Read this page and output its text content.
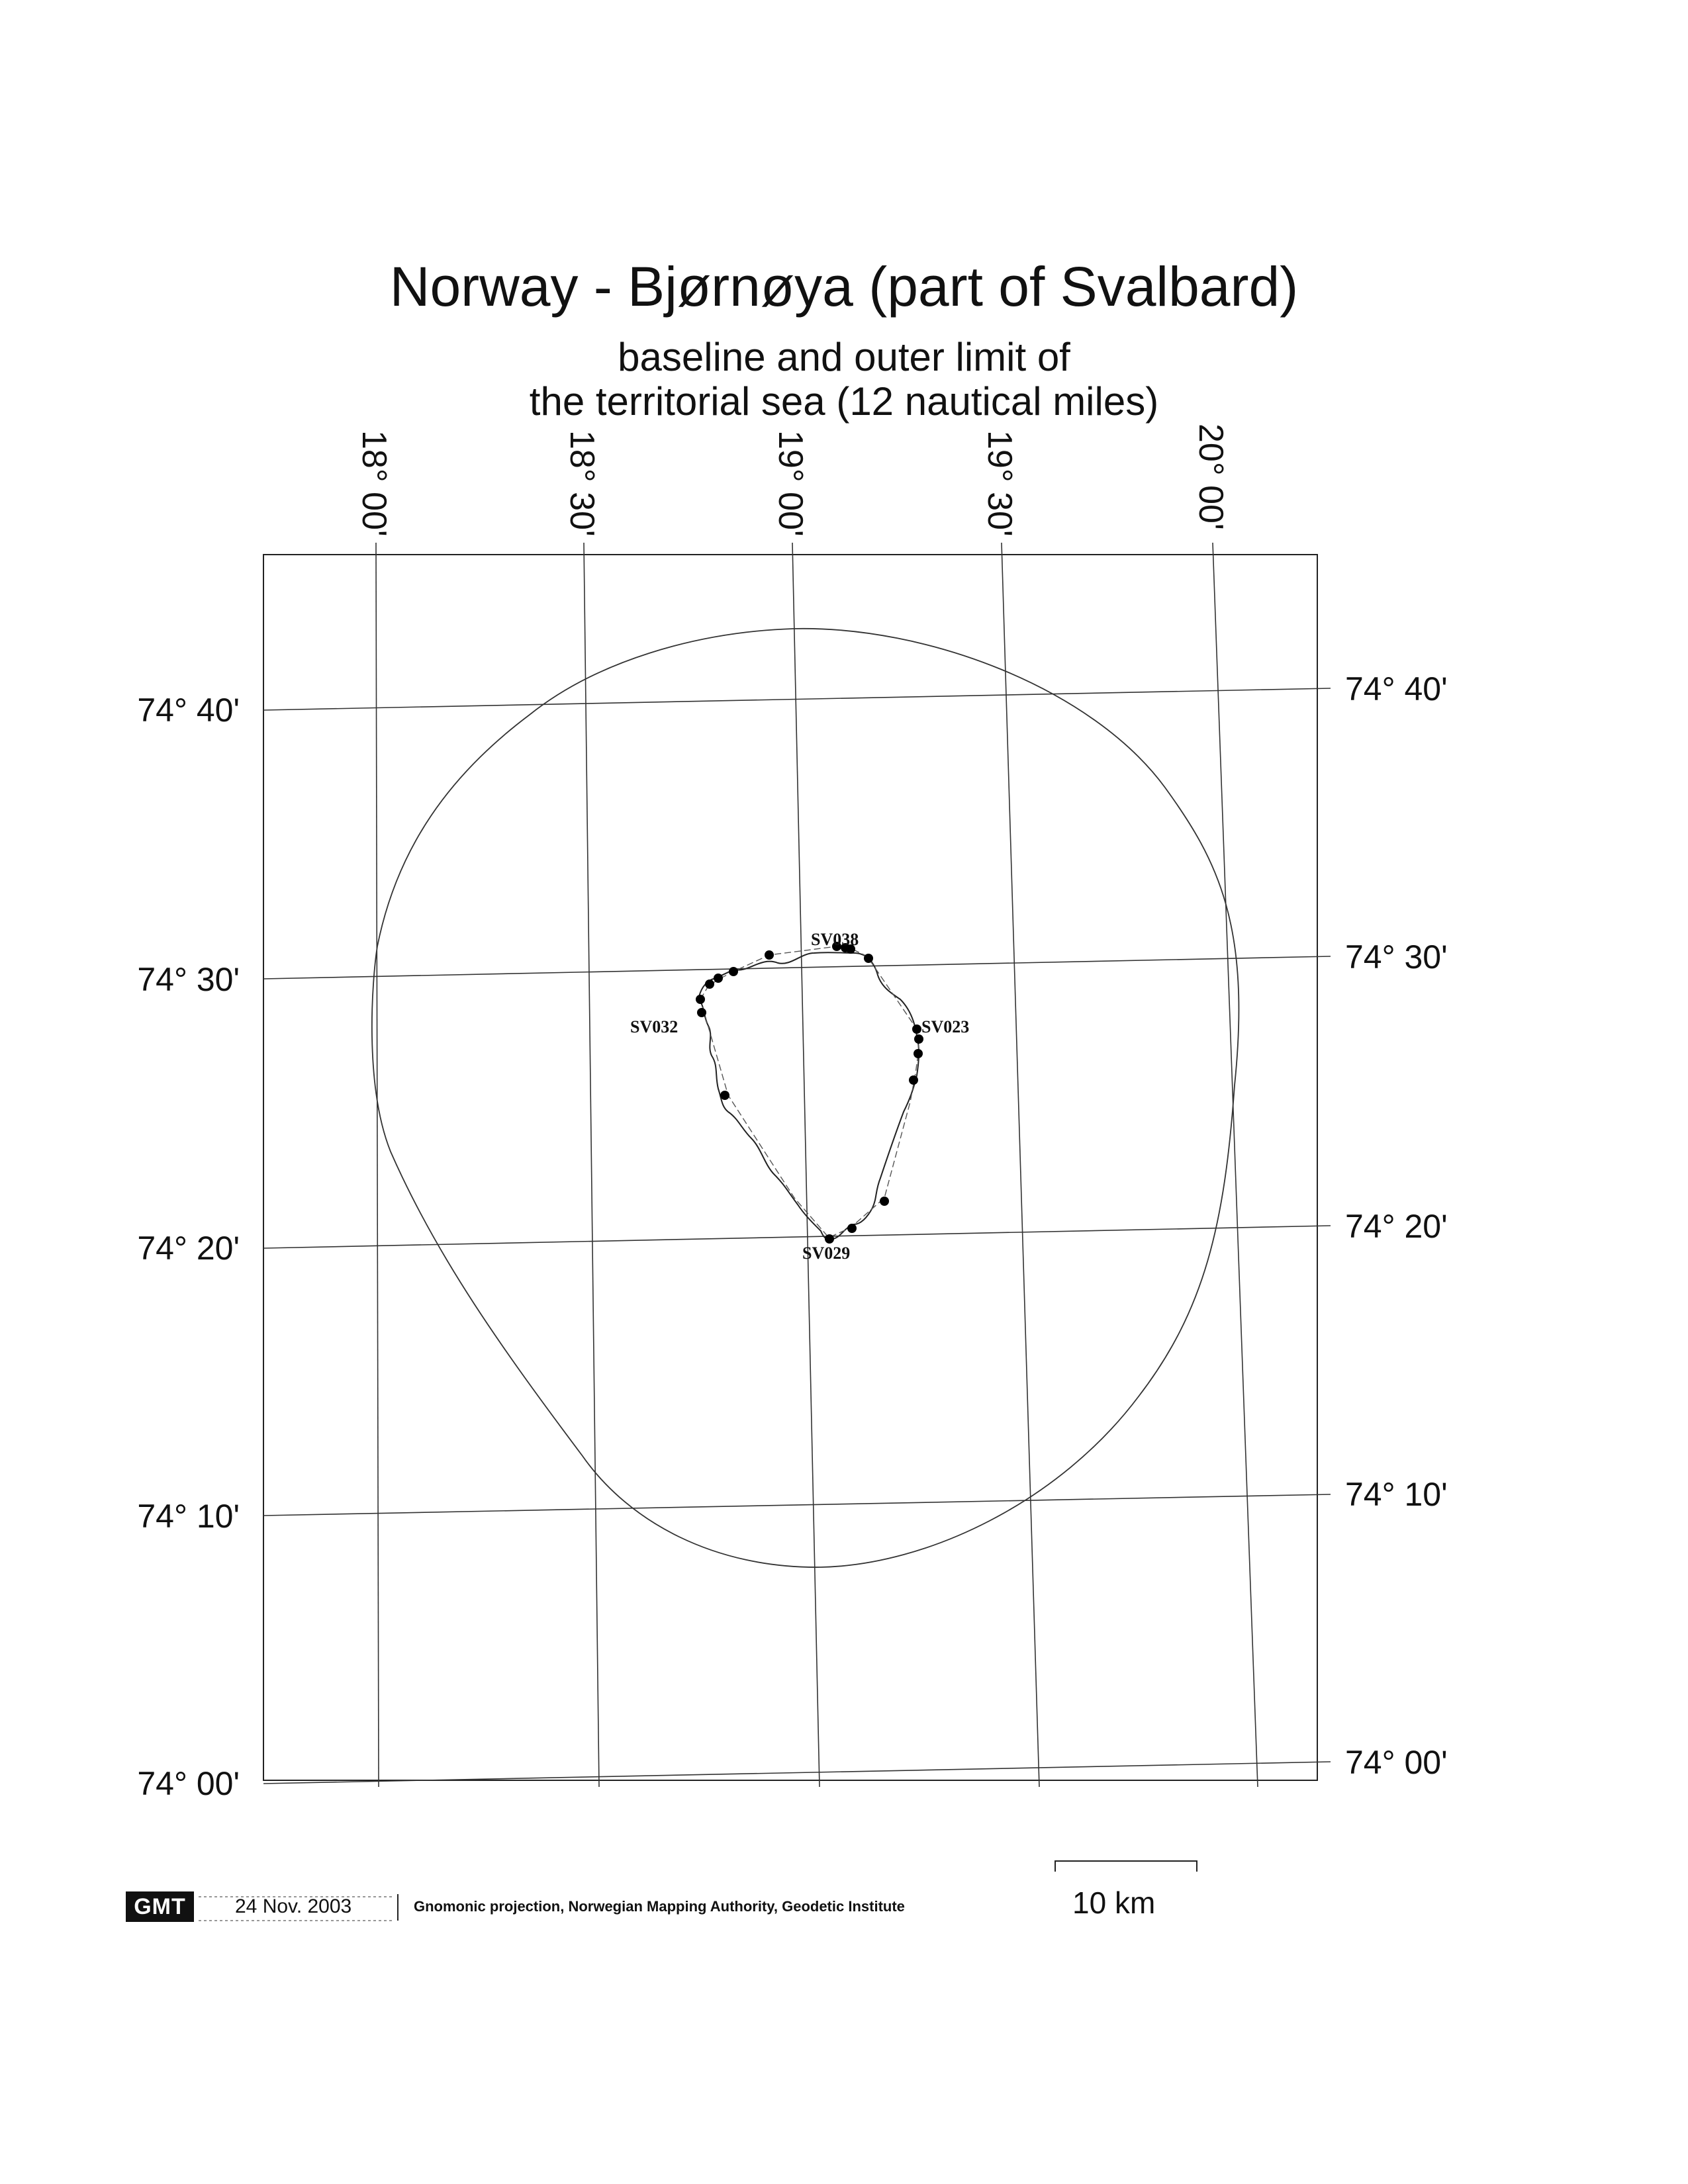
Norway - Bjørnøya (part of Svalbard)
baseline and outer limit of
the territorial sea (12 nautical miles)
18° 00'	18° 30'	19° 00'	19° 30'	20° 00'
74° 40'
74° 30'
74° 20'
74° 10'
74° 00'
74° 40'
74° 30'
74° 20'
74° 10'
74° 00'
SV038
SV023
SV032
SV029
GMT	24 Nov. 2003	Gnomonic projection, Norwegian Mapping Authority, Geodetic Institute	10 km
